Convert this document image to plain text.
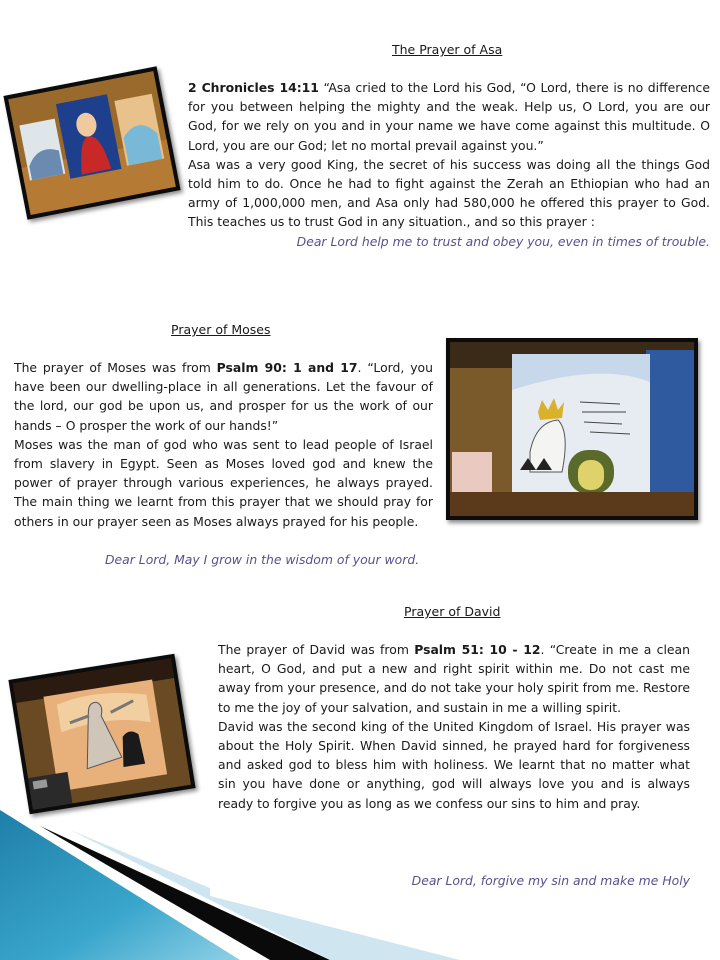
The Prayer of Asa

2 Chronicles 14:11 “Asa cried to the Lord his God, “O Lord, there is no difference for you between helping the mighty and the weak. Help us, O Lord, you are our God, for we rely on you and in your name we have come against this multitude. O Lord, you are our God; let no mortal prevail against you.”
Asa was a very good King, the secret of his success was doing all the things God told him to do. Once he had to fight against the Zerah an Ethiopian who had an army of 1,000,000 men, and Asa only had 580,000 he offered this prayer to God. This teaches us to trust God in any situation., and so this prayer :

Dear Lord help me to trust and obey you, even in times of trouble.
Prayer of Moses

The prayer of Moses was from Psalm 90: 1 and 17. “Lord, you have been our dwelling-place in all generations. Let the favour of the lord, our god be upon us, and prosper for us the work of our hands – O prosper the work of our hands!”
Moses was the man of god who was sent to lead people of Israel from slavery in Egypt. Seen as Moses loved god and knew the power of prayer through various experiences, he always prayed. The main thing we learnt from this prayer that we should pray for others in our prayer seen as Moses always prayed for his people.

Dear Lord, May I grow in the wisdom of your word.
Prayer of David

The prayer of David was from Psalm 51: 10 - 12. “Create in me a clean heart, O God, and put a new and right spirit within me. Do not cast me away from your presence, and do not take your holy spirit from me. Restore to me the joy of your salvation, and sustain in me a willing spirit.
David was the second king of the United Kingdom of Israel. His prayer was about the Holy Spirit. When David sinned, he prayed hard for forgiveness and asked god to bless him with holiness. We learnt that no matter what sin you have done or anything, god will always love you and is always ready to forgive you as long as we confess our sins to him and pray.

Dear Lord, forgive my sin and make me Holy
